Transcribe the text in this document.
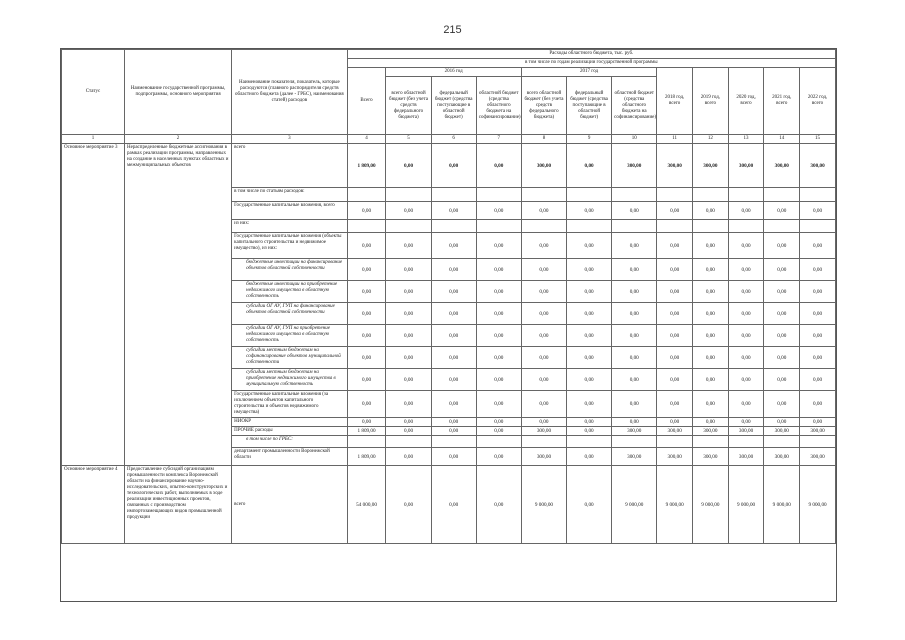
215
Статус	Наименование государственной программы, подпрограммы, основного мероприятия	Наименование показателя, показатель, которые расходуются (главного распорядителя средств областного бюджета (далее - ГРБС), наименования статей) расходов	Расходы областного бюджета, тыс. руб.											
			в том числе по годам реализации государственной программы											
			Всего	2016 год			2017 год			2018 год, всего	2019 год, всего	2020 год, всего	2021 год, всего	2022 год, всего
				всего областной бюджет (без учета средств федерального бюджета)	федеральный бюджет (средства поступающие в областной бюджет)	областной бюджет (средства областного бюджета на софинансирование)	всего областной бюджет (без учета средств федерального бюджета)	федеральный бюджет (средства поступающие в областной бюджет)	областной бюджет (средства областного бюджета на софинансирование)					
1	2	3	4	5	6	7	8	9	10	11	12	13	14	15
Основное мероприятие 3	Нераспределенные бюджетные ассигнования в рамках реализации программы, направленных на создание в населенных пунктах областных и межмуниципальных объектов	всего	1 809,00	0,00	0,00	0,00	300,00	0,00	300,00	300,00	300,00	300,00	300,00	300,00
		в том числе по статьям расходов:												
		Государственные капитальные вложения, всего	0,00	0,00	0,00	0,00	0,00	0,00	0,00	0,00	0,00	0,00	0,00	0,00
		из них:												
		Государственные капитальные вложения (объекты капитального строительства и недвижимое имущество), из них:	0,00	0,00	0,00	0,00	0,00	0,00	0,00	0,00	0,00	0,00	0,00	0,00
		бюджетные инвестиции на финансирование объектов областной собственности	0,00	0,00	0,00	0,00	0,00	0,00	0,00	0,00	0,00	0,00	0,00	0,00
		бюджетные инвестиции на приобретение недвижимого имущества в областную собственность	0,00	0,00	0,00	0,00	0,00	0,00	0,00	0,00	0,00	0,00	0,00	0,00
		субсидии ОГ АУ, ГУП на финансирование объектов областной собственности	0,00	0,00	0,00	0,00	0,00	0,00	0,00	0,00	0,00	0,00	0,00	0,00
		субсидии ОГ АУ, ГУП на приобретение недвижимого имущества в областную собственность	0,00	0,00	0,00	0,00	0,00	0,00	0,00	0,00	0,00	0,00	0,00	0,00
		субсидии местным бюджетам на софинансирование объектов муниципальной собственности	0,00	0,00	0,00	0,00	0,00	0,00	0,00	0,00	0,00	0,00	0,00	0,00
		субсидии местным бюджетам на приобретение недвижимого имущества в муниципальную собственность	0,00	0,00	0,00	0,00	0,00	0,00	0,00	0,00	0,00	0,00	0,00	0,00
		Государственные капитальные вложения (за исключением объектов капитального строительства и объектов недвижимого имущества)	0,00	0,00	0,00	0,00	0,00	0,00	0,00	0,00	0,00	0,00	0,00	0,00
		НИОКР	0,00	0,00	0,00	0,00	0,00	0,00	0,00	0,00	0,00	0,00	0,00	0,00
		ПРОЧИЕ расходы	1 809,00	0,00	0,00	0,00	300,00	0,00	300,00	300,00	300,00	300,00	300,00	300,00
		в том числе по ГРБС:												
		департамент промышленности Воронежской области	1 809,00	0,00	0,00	0,00	300,00	0,00	300,00	300,00	300,00	300,00	300,00	300,00
Основное мероприятие 4	Предоставление субсидий организациям промышленности комплекса Воронежской области на финансирование научно-исследовательских, опытно-конструкторских и технологических работ, выполняемых в ходе реализации инвестиционных проектов, связанных с производством импортозамещающих видов промышленной продукции	всего	54 000,00	0,00	0,00	0,00	9 000,00	0,00	9 000,00	9 000,00	9 000,00	9 000,00	9 000,00	9 000,00
